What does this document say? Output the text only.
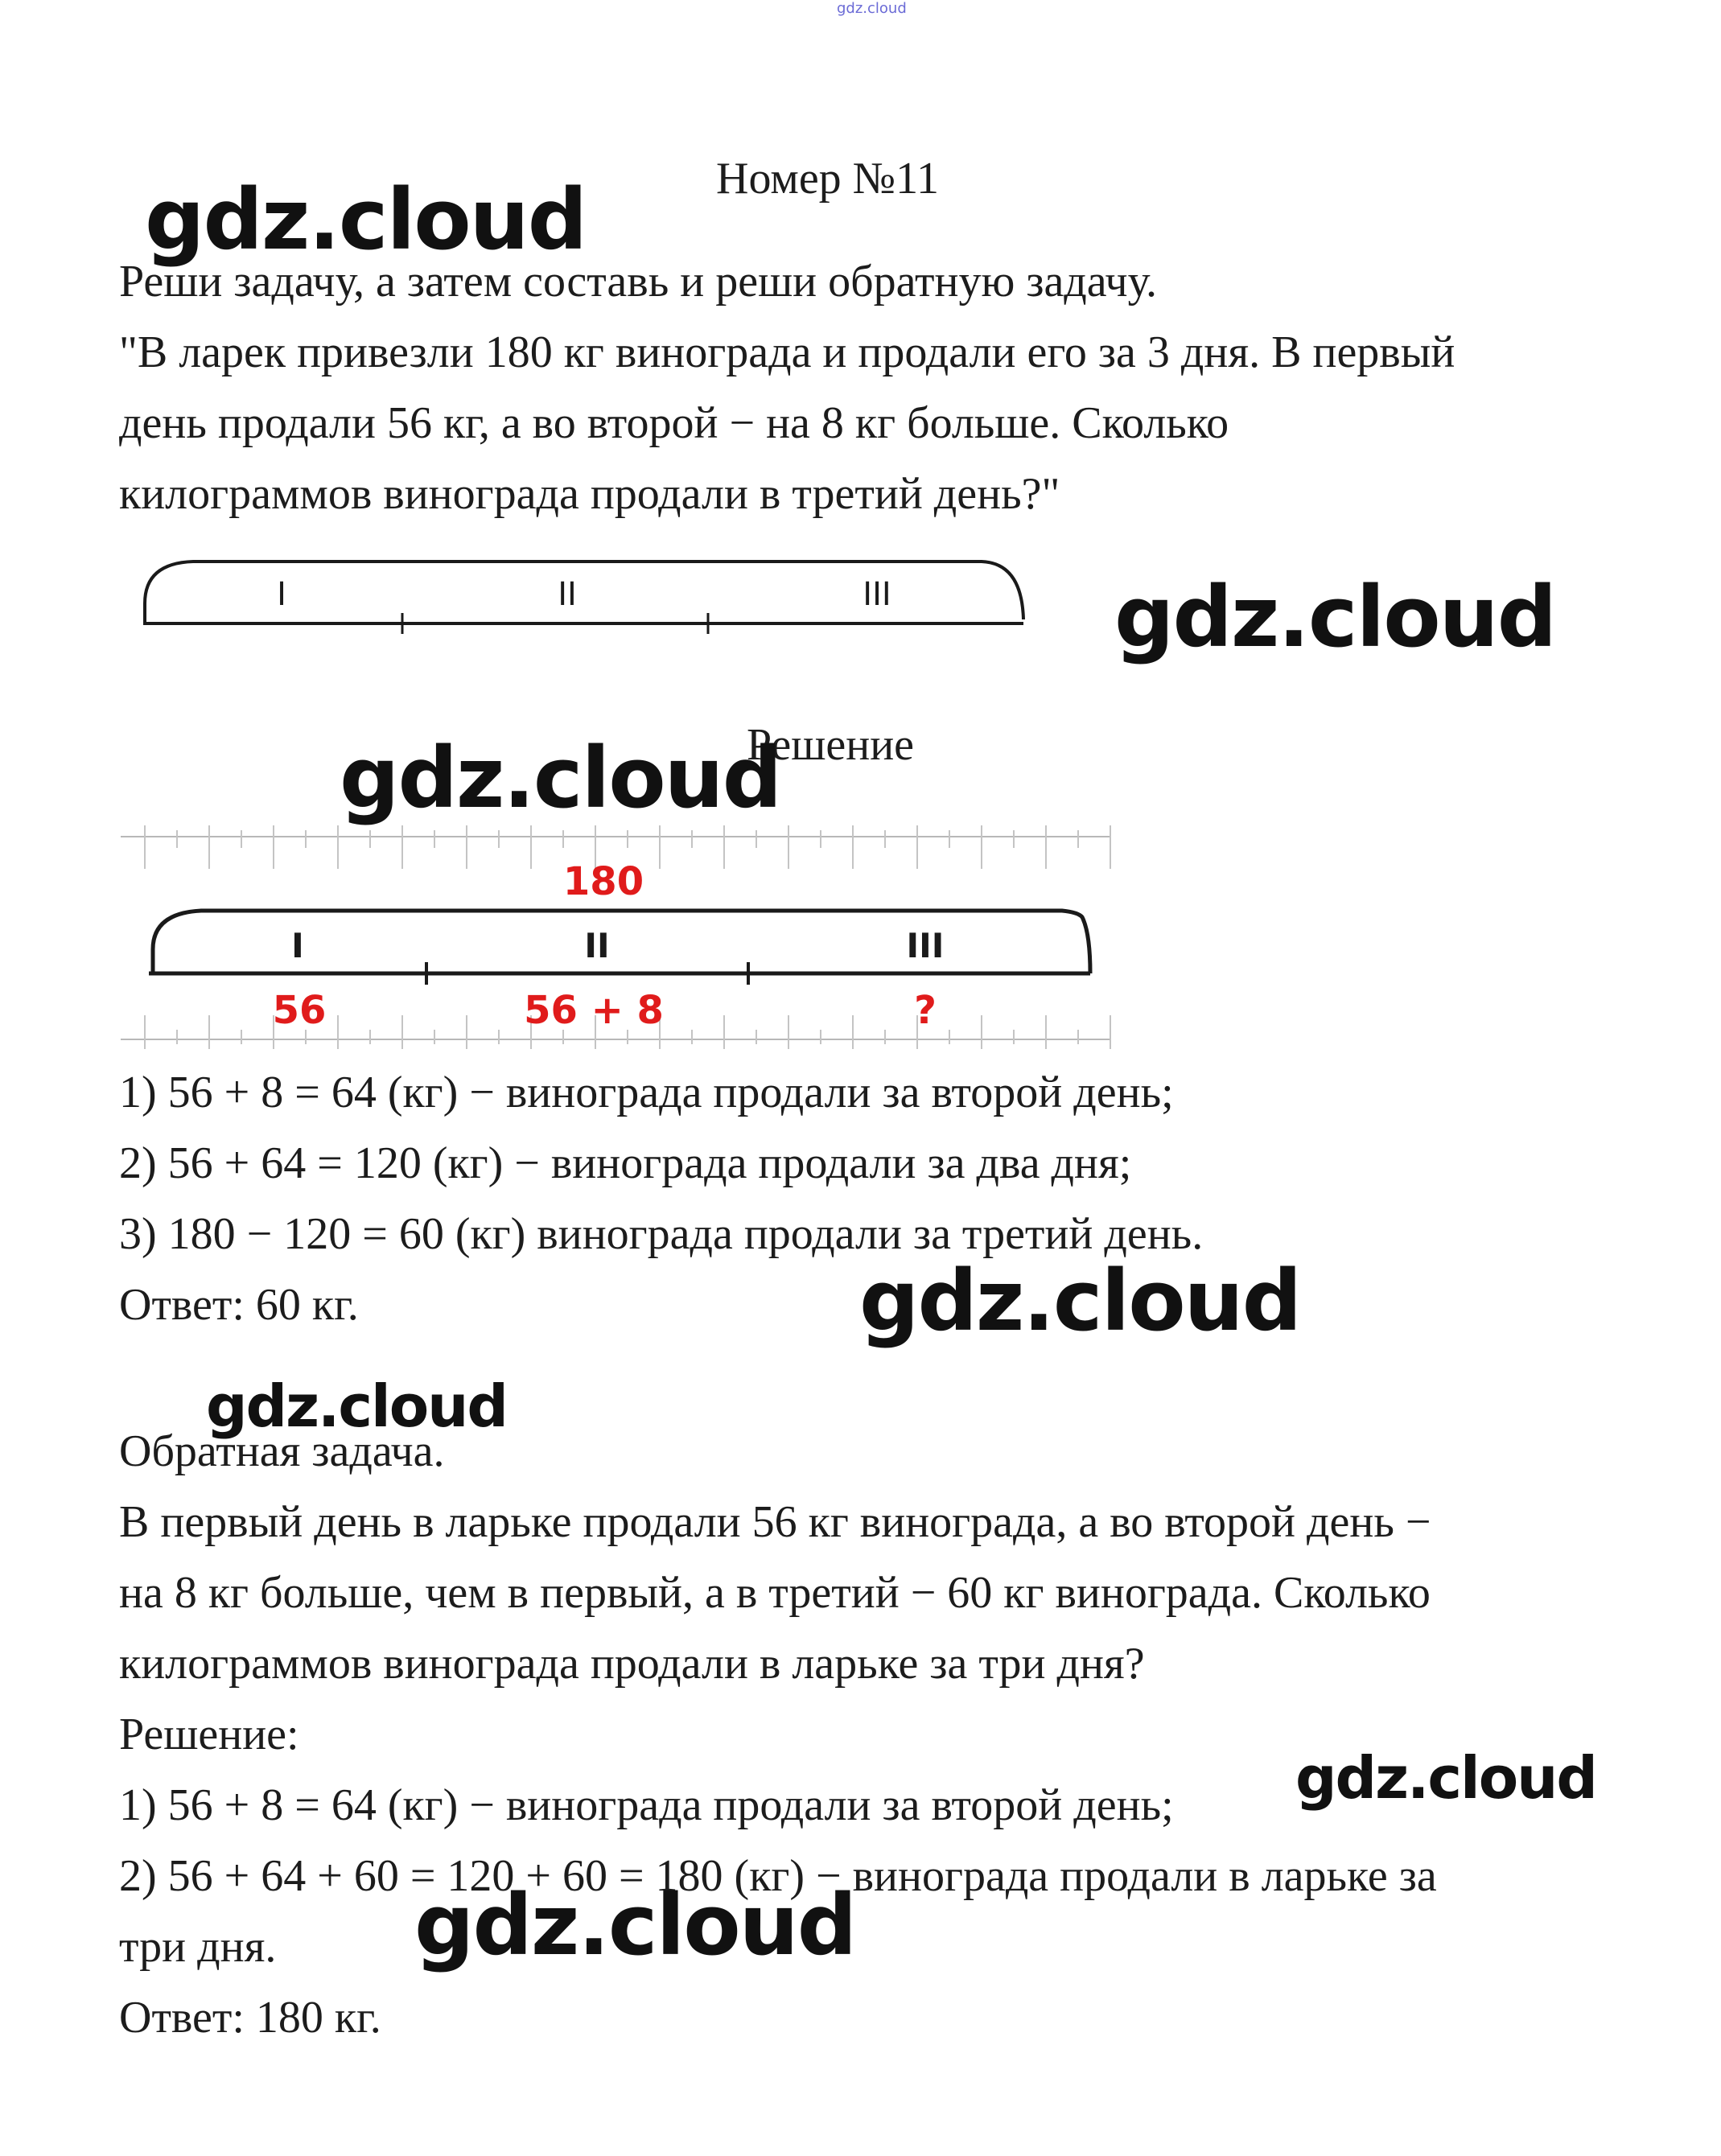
gdz.cloud
Номер №11
Реши задачу, а затем составь и реши обратную задачу.
"В ларек привезли 180 кг винограда и продали его за 3 дня. В первый
день продали 56 кг, а во второй − на 8 кг больше. Сколько
килограммов винограда продали в третий день?"
I	II	III
Решение
180
I	II	III
56	56 + 8	?
1) 56 + 8 = 64 (кг) − винограда продали за второй день;
2) 56 + 64 = 120 (кг) − винограда продали за два дня;
3) 180 − 120 = 60 (кг) винограда продали за третий день.
Ответ: 60 кг.
Обратная задача.
В первый день в ларьке продали 56 кг винограда, а во второй день −
на 8 кг больше, чем в первый, а в третий − 60 кг винограда. Сколько
килограммов винограда продали в ларьке за три дня?
Решение:
1) 56 + 8 = 64 (кг) − винограда продали за второй день;
2) 56 + 64 + 60 = 120 + 60 = 180 (кг) − винограда продали в ларьке за
три дня.
Ответ: 180 кг.
gdz.cloud
gdz.cloud
gdz.cloud
gdz.cloud
gdz.cloud
gdz.cloud
gdz.cloud
